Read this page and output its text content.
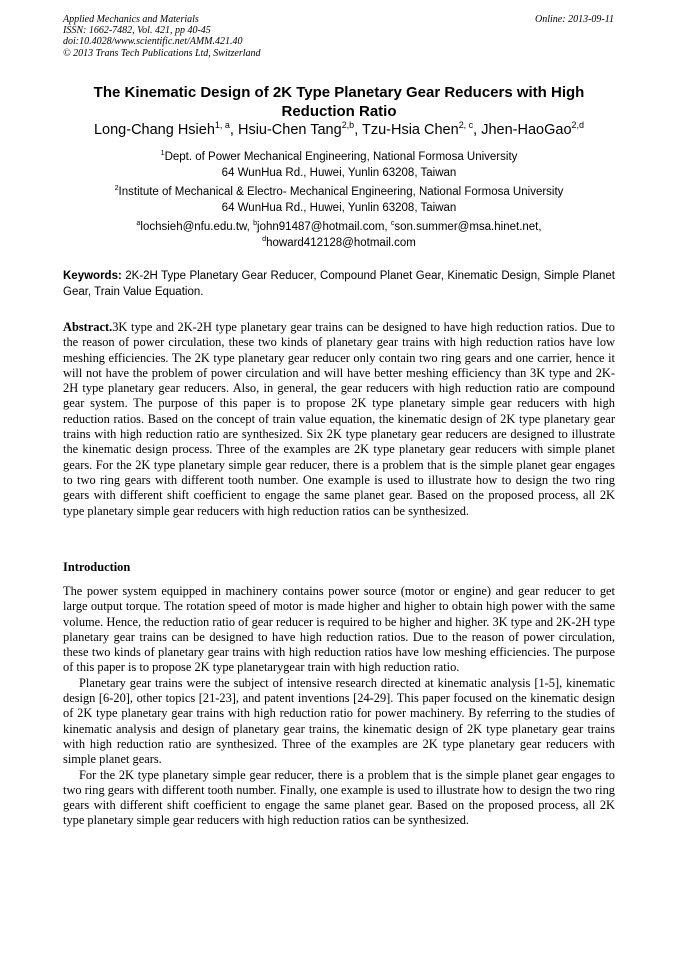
Applied Mechanics and Materials
ISSN: 1662-7482, Vol. 421, pp 40-45
doi:10.4028/www.scientific.net/AMM.421.40
© 2013 Trans Tech Publications Ltd, Switzerland
Online: 2013-09-11
The Kinematic Design of 2K Type Planetary Gear Reducers with High Reduction Ratio
Long-Chang Hsieh$^{1, a}$, Hsiu-Chen Tang$^{2,b}$, Tzu-Hsia Chen$^{2, c}$, Jhen-HaoGao$^{2,d}$
$^1$Dept. of Power Mechanical Engineering, National Formosa University
64 WunHua Rd., Huwei, Yunlin 63208, Taiwan
$^2$Institute of Mechanical & Electro- Mechanical Engineering, National Formosa University
64 WunHua Rd., Huwei, Yunlin 63208, Taiwan
$^a$lochsieh@nfu.edu.tw, $^b$john91487@hotmail.com, $^c$son.summer@msa.hinet.net,
$^d$howard412128@hotmail.com
Keywords: 2K-2H Type Planetary Gear Reducer, Compound Planet Gear, Kinematic Design, Simple Planet Gear, Train Value Equation.
Abstract.3K type and 2K-2H type planetary gear trains can be designed to have high reduction ratios. Due to the reason of power circulation, these two kinds of planetary gear trains with high reduction ratios have low meshing efficiencies. The 2K type planetary gear reducer only contain two ring gears and one carrier, hence it will not have the problem of power circulation and will have better meshing efficiency than 3K type and 2K-2H type planetary gear reducers. Also, in general, the gear reducers with high reduction ratio are compound gear system. The purpose of this paper is to propose 2K type planetary simple gear reducers with high reduction ratios. Based on the concept of train value equation, the kinematic design of 2K type planetary gear trains with high reduction ratio are synthesized. Six 2K type planetary gear reducers are designed to illustrate the kinematic design process. Three of the examples are 2K type planetary gear reducers with simple planet gears. For the 2K type planetary simple gear reducer, there is a problem that is the simple planet gear engages to two ring gears with different tooth number. One example is used to illustrate how to design the two ring gears with different shift coefficient to engage the same planet gear. Based on the proposed process, all 2K type planetary simple gear reducers with high reduction ratios can be synthesized.
Introduction

The power system equipped in machinery contains power source (motor or engine) and gear reducer to get large output torque. The rotation speed of motor is made higher and higher to obtain high power with the same volume. Hence, the reduction ratio of gear reducer is required to be higher and higher. 3K type and 2K-2H type planetary gear trains can be designed to have high reduction ratios. Due to the reason of power circulation, these two kinds of planetary gear trains with high reduction ratios have low meshing efficiencies. The purpose of this paper is to propose 2K type planetarygear train with high reduction ratio.

Planetary gear trains were the subject of intensive research directed at kinematic analysis [1-5], kinematic design [6-20], other topics [21-23], and patent inventions [24-29]. This paper focused on the kinematic design of 2K type planetary gear trains with high reduction ratio for power machinery. By referring to the studies of kinematic analysis and design of planetary gear trains, the kinematic design of 2K type planetary gear trains with high reduction ratio are synthesized. Three of the examples are 2K type planetary gear reducers with simple planet gears.

For the 2K type planetary simple gear reducer, there is a problem that is the simple planet gear engages to two ring gears with different tooth number. Finally, one example is used to illustrate how to design the two ring gears with different shift coefficient to engage the same planet gear. Based on the proposed process, all 2K type planetary simple gear reducers with high reduction ratios can be synthesized.
